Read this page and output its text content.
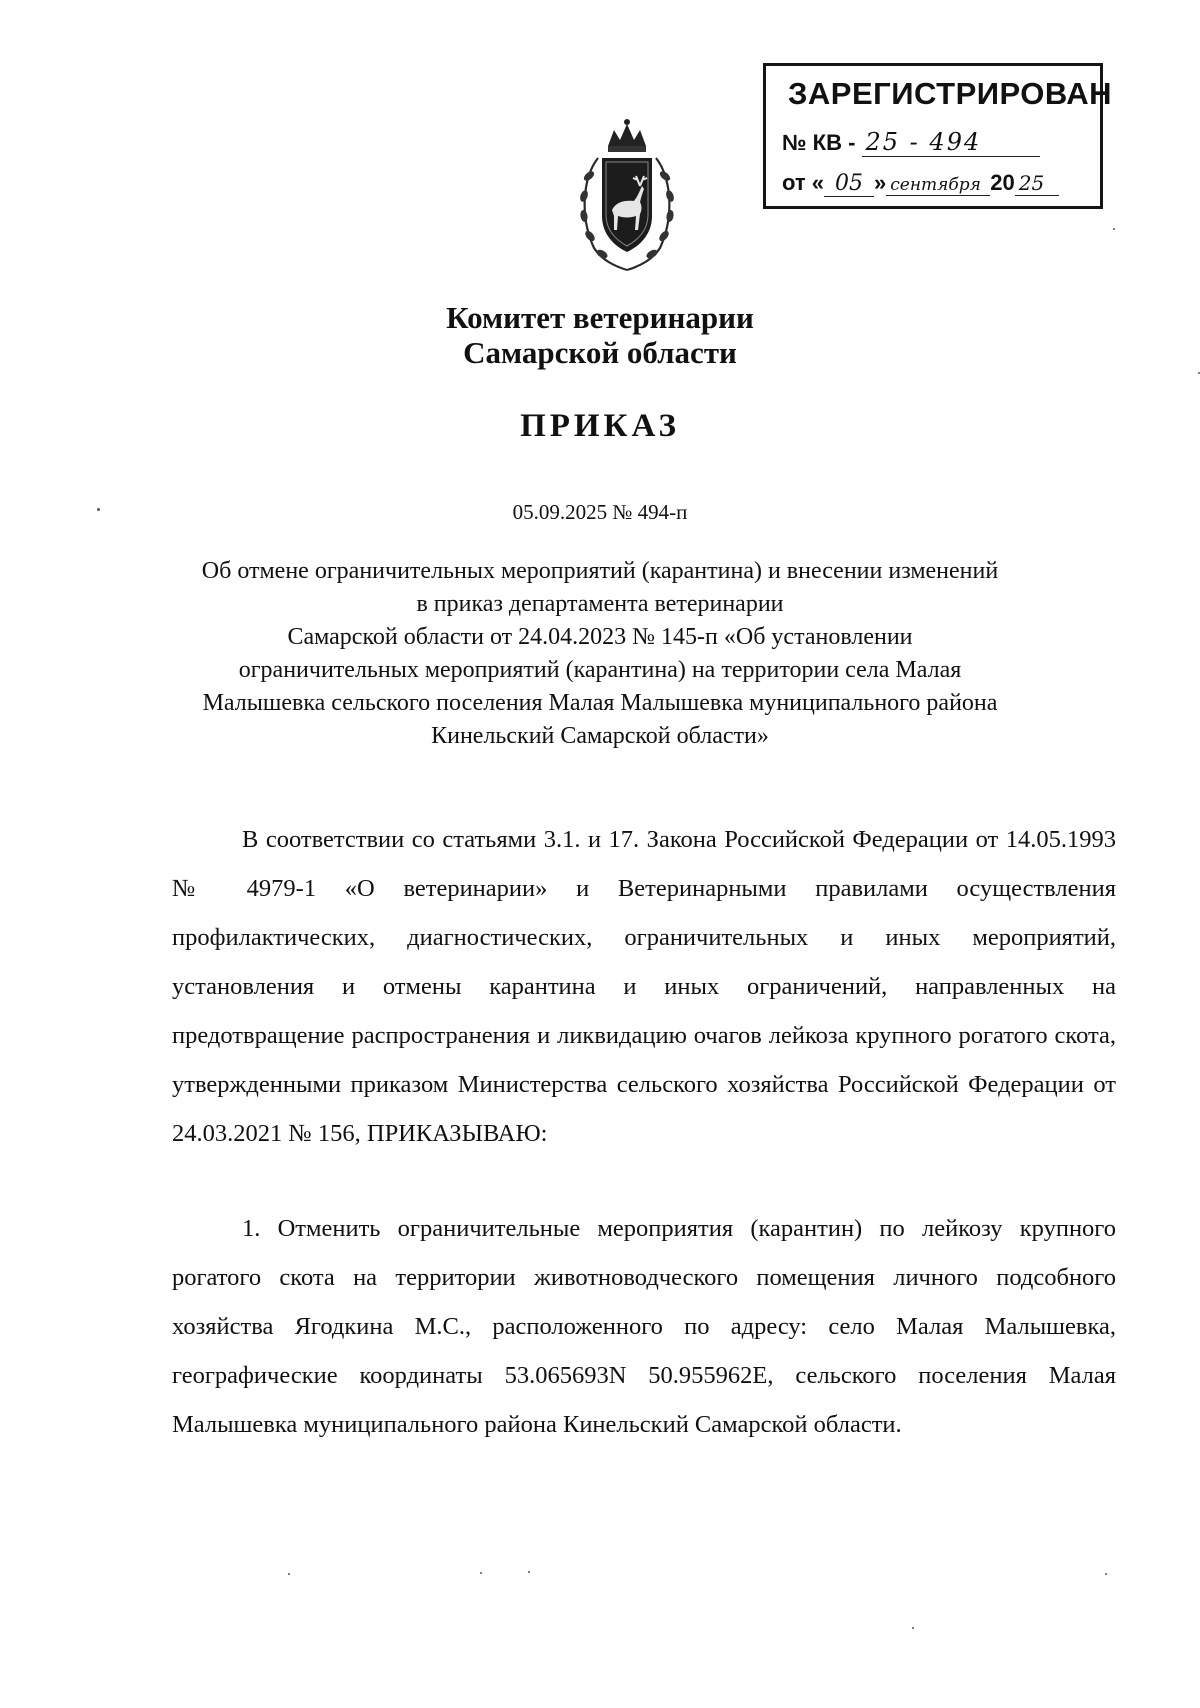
ЗАРЕГИСТРИРОВАН
№ КВ - 25 - 494
от « 05 » сентября 20 25
Комитет ветеринарии
Самарской области
ПРИКАЗ
05.09.2025 № 494-п
Об отмене ограничительных мероприятий (карантина) и внесении изменений
в приказ департамента ветеринарии
Самарской области от 24.04.2023 № 145-п «Об установлении
ограничительных мероприятий (карантина) на территории села Малая
Малышевка сельского поселения Малая Малышевка муниципального района
Кинельский Самарской области»
В соответствии со статьями 3.1. и 17. Закона Российской Федерации от 14.05.1993 № 4979-1 «О ветеринарии» и Ветеринарными правилами осуществления профилактических, диагностических, ограничительных и иных мероприятий, установления и отмены карантина и иных ограничений, направленных на предотвращение распространения и ликвидацию очагов лейкоза крупного рогатого скота, утвержденными приказом Министерства сельского хозяйства Российской Федерации от 24.03.2021 № 156, ПРИКАЗЫВАЮ:
1. Отменить ограничительные мероприятия (карантин) по лейкозу крупного рогатого скота на территории животноводческого помещения личного подсобного хозяйства Ягодкина М.С., расположенного по адресу: село Малая Малышевка, географические координаты 53.065693N 50.955962E, сельского поселения Малая Малышевка муниципального района Кинельский Самарской области.
